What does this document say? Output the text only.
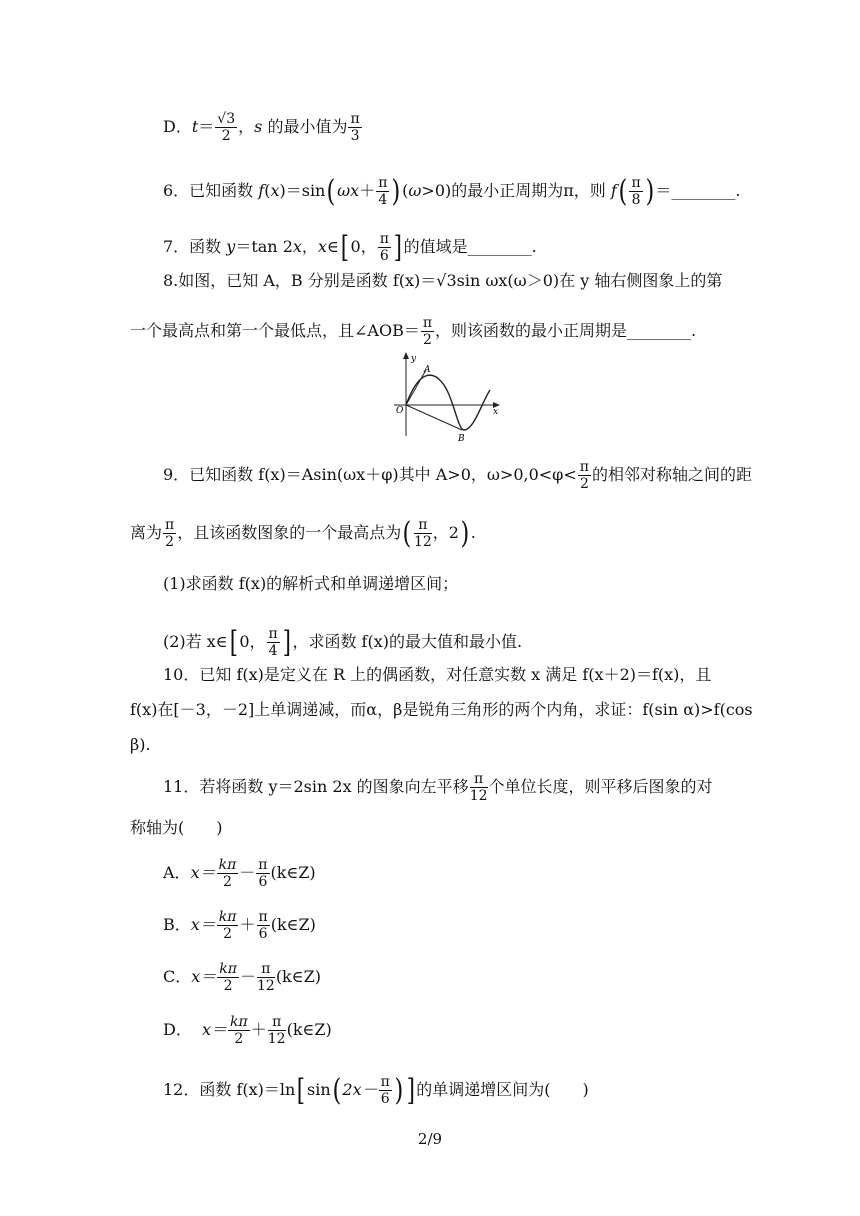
D．$t= \frac{√3}{2}$ ，s 的最小值为 $\frac{\pi}{3}$
6．已知函数 $f(x)=\sin(\omega x+ \frac{\pi}{4} )(\omega>0)$的最小正周期为π，则 $f( \frac{\pi}{8}$ )＝________.
7．函数 y＝tan 2x，x∈[ 0， $\frac{\pi}{6}$ ] 的值域是________.
8.如图，已知 A，B 分别是函数 f(x)＝√3sin ωx(ω＞0)在 y 轴右侧图象上的第
一个最高点和第一个最低点，且∠AOB＝ $\frac{\pi}{2}$ ，则该函数的最小正周期是________.
y
x
O
A
B
9．已知函数 f(x)＝Asin(ωx＋φ)其中 A>0，$\omega>0,0<\varphi< \frac{\pi}{2}$ 的相邻对称轴之间的距
离为 $\frac{\pi}{2}$ ，且该函数图象的一个最高点为( $\frac{\pi}{12}$ ，2).
(1)求函数 f(x)的解析式和单调递增区间；
(2)若 x∈[ 0， $\frac{\pi}{4}$ ] ，求函数 f(x)的最大值和最小值.
10．已知 f(x)是定义在 R 上的偶函数，对任意实数 x 满足 f(x＋2)＝f(x)，且
f(x)在[－3，－2]上单调递减，而α，β是锐角三角形的两个内角，求证：f(sin α)>f(cos
β).
11．若将函数 y＝2sin 2x 的图象向左平移 $\frac{\pi}{12}$ 个单位长度，则平移后图象的对
称轴为(　　)
A．$x= \frac{k\pi}{2} - \frac{\pi}{6}$ (k∈Z)
B．$x= \frac{k\pi}{2} + \frac{\pi}{6}$ (k∈Z)
C．$x= \frac{k\pi}{2} - \frac{\pi}{12}$ (k∈Z)
D． $x= \frac{k\pi}{2} + \frac{\pi}{12}$ (k∈Z)
12．函数 f(x)＝ln[ $\sin(2x- \frac{\pi}{6}$ ) ] 的单调递增区间为(　　)
2/9
